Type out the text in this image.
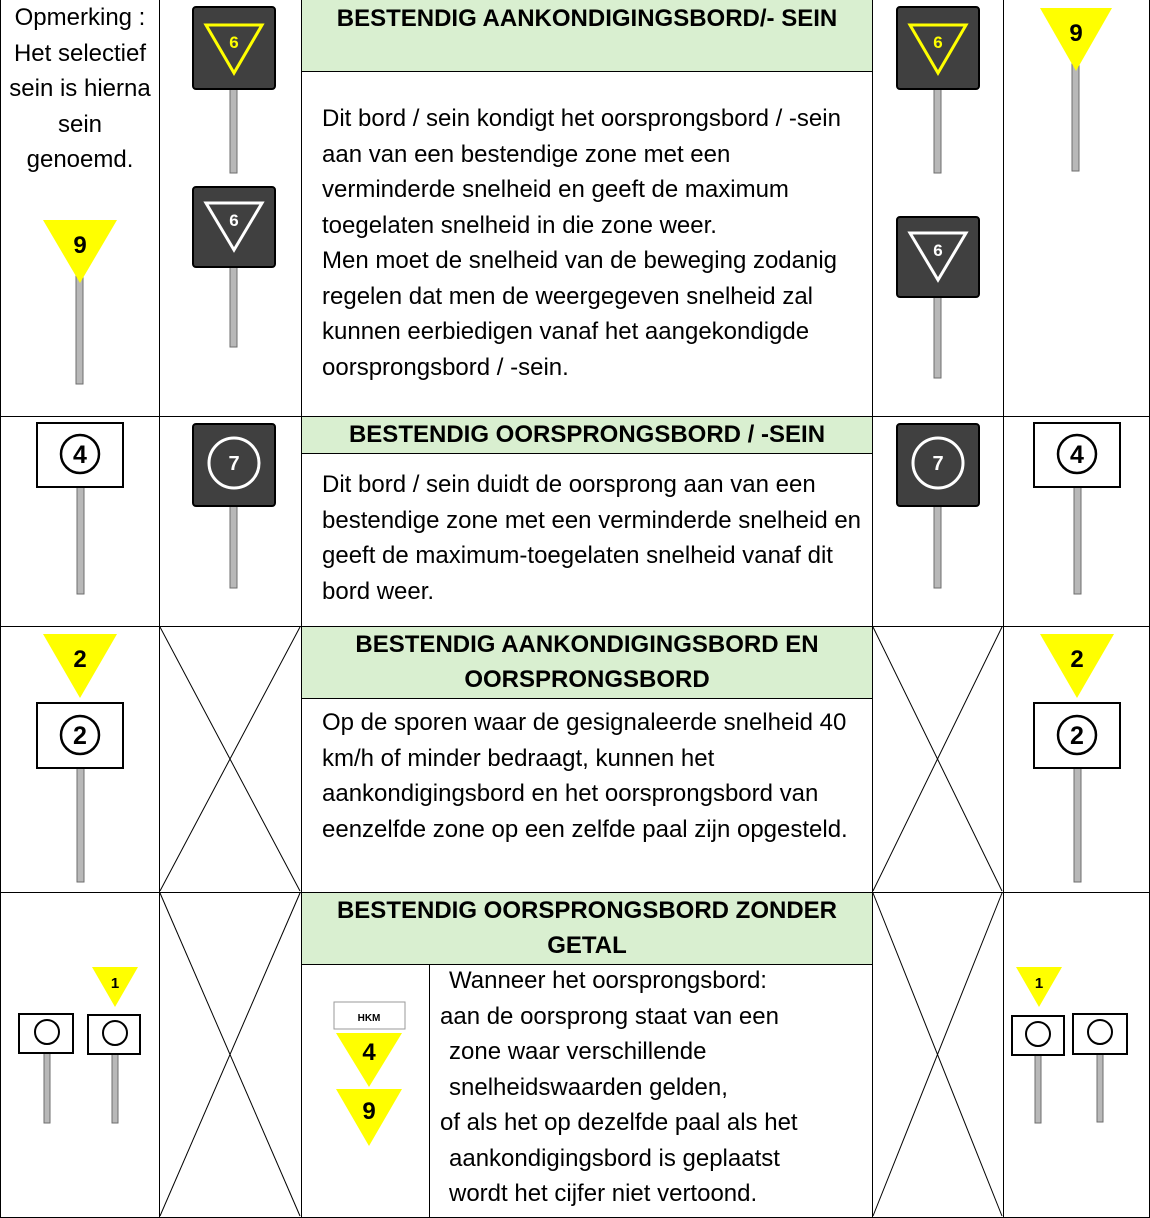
Opmerking : Het selectief sein is hierna sein genoemd.
9
6
6
BESTENDIG AANKONDIGINGSBORD/- SEIN
Dit bord / sein kondigt het oorsprongsbord / -sein aan van een bestendige zone met een verminderde snelheid en geeft de maximum toegelaten snelheid in die zone weer.
Men moet de snelheid van de beweging zodanig regelen dat men de weergegeven snelheid zal kunnen eerbiedigen vanaf het aangekondigde oorsprongsbord / -sein.
6
6
9
4	7
BESTENDIG OORSPRONGSBORD / -SEIN
Dit bord / sein duidt de oorsprong aan van een bestendige zone met een verminderde snelheid en geeft de maximum-toegelaten snelheid vanaf dit bord weer.
7	4
2
2
BESTENDIG AANKONDIGINGSBORD EN OORSPRONGSBORD
Op de sporen waar de gesignaleerde snelheid 40 km/h of minder bedraagt, kunnen het aankondigingsbord en het oorsprongsbord van eenzelfde zone op een zelfde paal zijn opgesteld.
2
2
1
BESTENDIG OORSPRONGSBORD ZONDER GETAL
HKM
4
9
Wanneer het oorsprongsbord:
aan de oorsprong staat van een
zone waar verschillende
snelheidswaarden gelden,
of als het op dezelfde paal als het
aankondigingsbord is geplaatst
wordt het cijfer niet vertoond.
1
